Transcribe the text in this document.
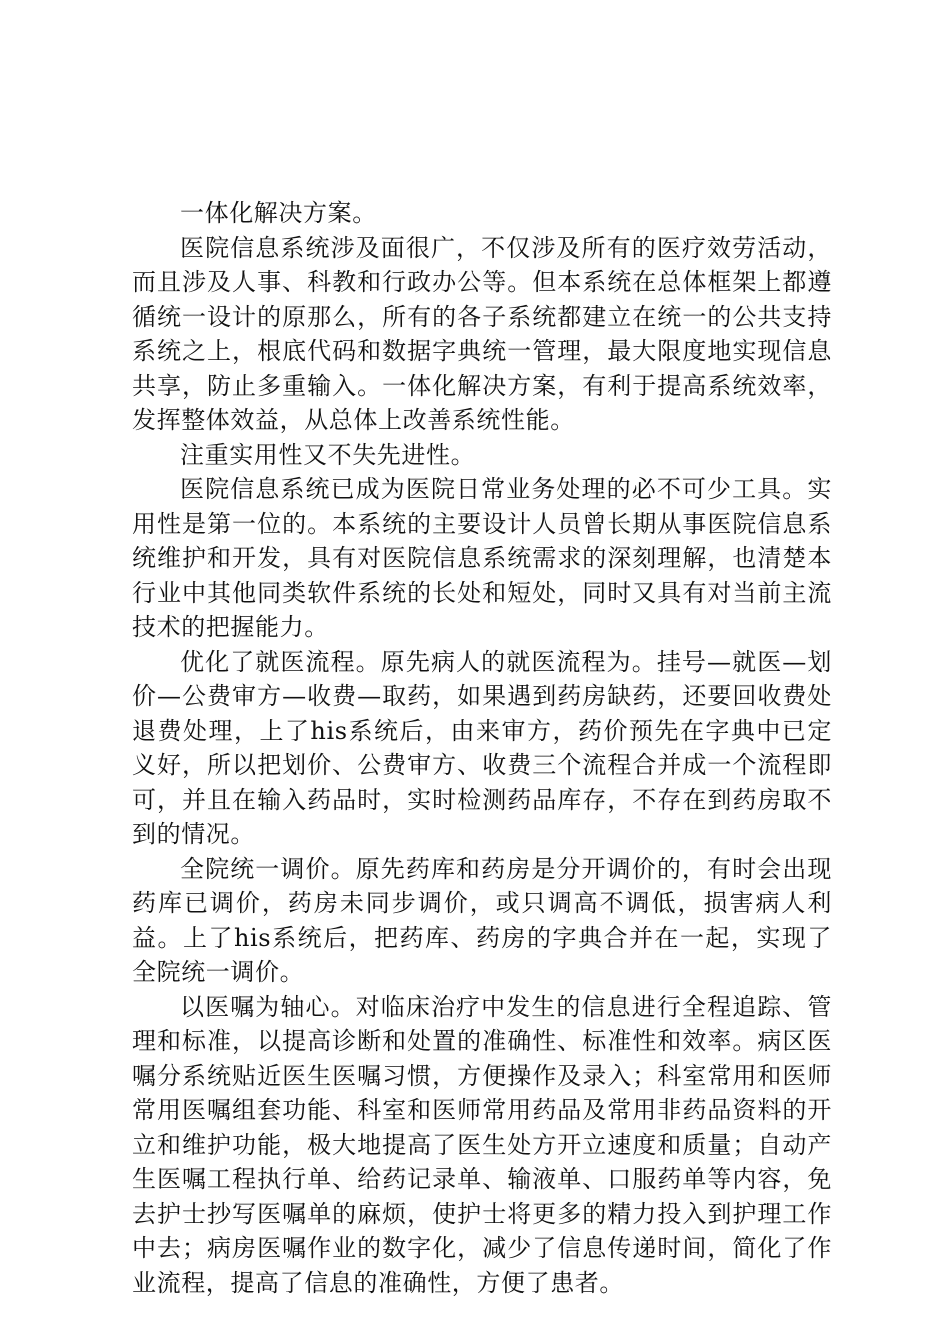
一体化解决方案。

医院信息系统涉及面很广，不仅涉及所有的医疗效劳活动，而且涉及人事、科教和行政办公等。但本系统在总体框架上都遵循统一设计的原那么，所有的各子系统都建立在统一的公共支持系统之上，根底代码和数据字典统一管理，最大限度地实现信息共享，防止多重输入。一体化解决方案，有利于提高系统效率，发挥整体效益，从总体上改善系统性能。

注重实用性又不失先进性。

医院信息系统已成为医院日常业务处理的必不可少工具。实用性是第一位的。本系统的主要设计人员曾长期从事医院信息系统维护和开发，具有对医院信息系统需求的深刻理解，也清楚本行业中其他同类软件系统的长处和短处，同时又具有对当前主流技术的把握能力。

优化了就医流程。原先病人的就医流程为。挂号—就医—划价—公费审方—收费—取药，如果遇到药房缺药，还要回收费处退费处理，上了his系统后，由来审方，药价预先在字典中已定义好，所以把划价、公费审方、收费三个流程合并成一个流程即可，并且在输入药品时，实时检测药品库存，不存在到药房取不到的情况。

全院统一调价。原先药库和药房是分开调价的，有时会出现药库已调价，药房未同步调价，或只调高不调低，损害病人利益。上了his系统后，把药库、药房的字典合并在一起，实现了全院统一调价。

以医嘱为轴心。对临床治疗中发生的信息进行全程追踪、管理和标准，以提高诊断和处置的准确性、标准性和效率。病区医嘱分系统贴近医生医嘱习惯，方便操作及录入；科室常用和医师常用医嘱组套功能、科室和医师常用药品及常用非药品资料的开立和维护功能，极大地提高了医生处方开立速度和质量；自动产生医嘱工程执行单、给药记录单、输液单、口服药单等内容，免去护士抄写医嘱单的麻烦，使护士将更多的精力投入到护理工作中去；病房医嘱作业的数字化，减少了信息传递时间，简化了作业流程，提高了信息的准确性，方便了患者。
